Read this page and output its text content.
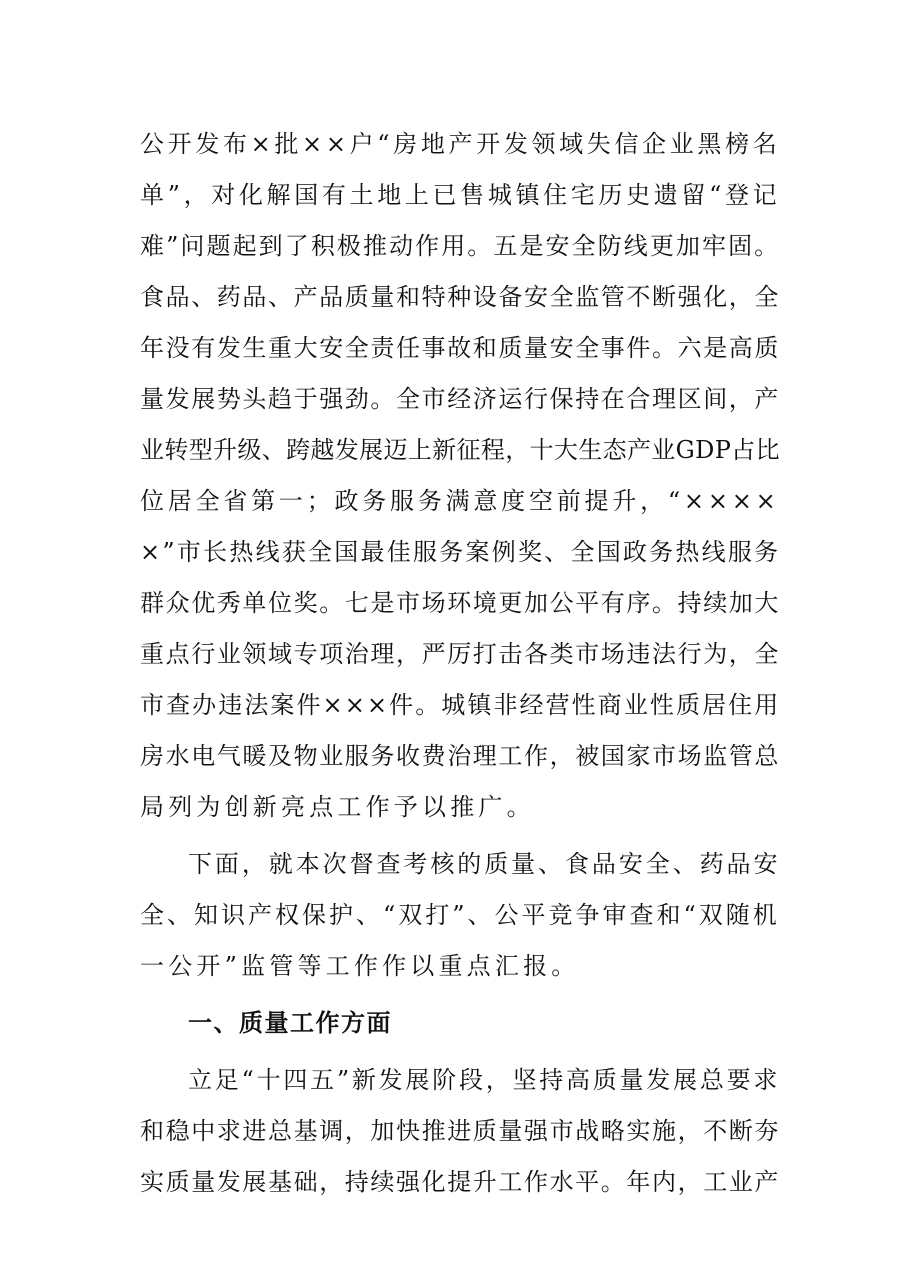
公开发布×批××户“房地产开发领域失信企业黑榜名
单”，对化解国有土地上已售城镇住宅历史遗留“登记
难”问题起到了积极推动作用。五是安全防线更加牢固。
食品、药品、产品质量和特种设备安全监管不断强化，全
年没有发生重大安全责任事故和质量安全事件。六是高质
量发展势头趋于强劲。全市经济运行保持在合理区间，产
业转型升级、跨越发展迈上新征程，十大生态产业GDP占比
位居全省第一；政务服务满意度空前提升，“××××
×”市长热线获全国最佳服务案例奖、全国政务热线服务
群众优秀单位奖。七是市场环境更加公平有序。持续加大
重点行业领域专项治理，严厉打击各类市场违法行为，全
市查办违法案件×××件。城镇非经营性商业性质居住用
房水电气暖及物业服务收费治理工作，被国家市场监管总
局列为创新亮点工作予以推广。
下面，就本次督查考核的质量、食品安全、药品安
全、知识产权保护、“双打”、公平竞争审查和“双随机
一公开”监管等工作作以重点汇报。
一、质量工作方面
立足“十四五”新发展阶段，坚持高质量发展总要求
和稳中求进总基调，加快推进质量强市战略实施，不断夯
实质量发展基础，持续强化提升工作水平。年内，工业产
